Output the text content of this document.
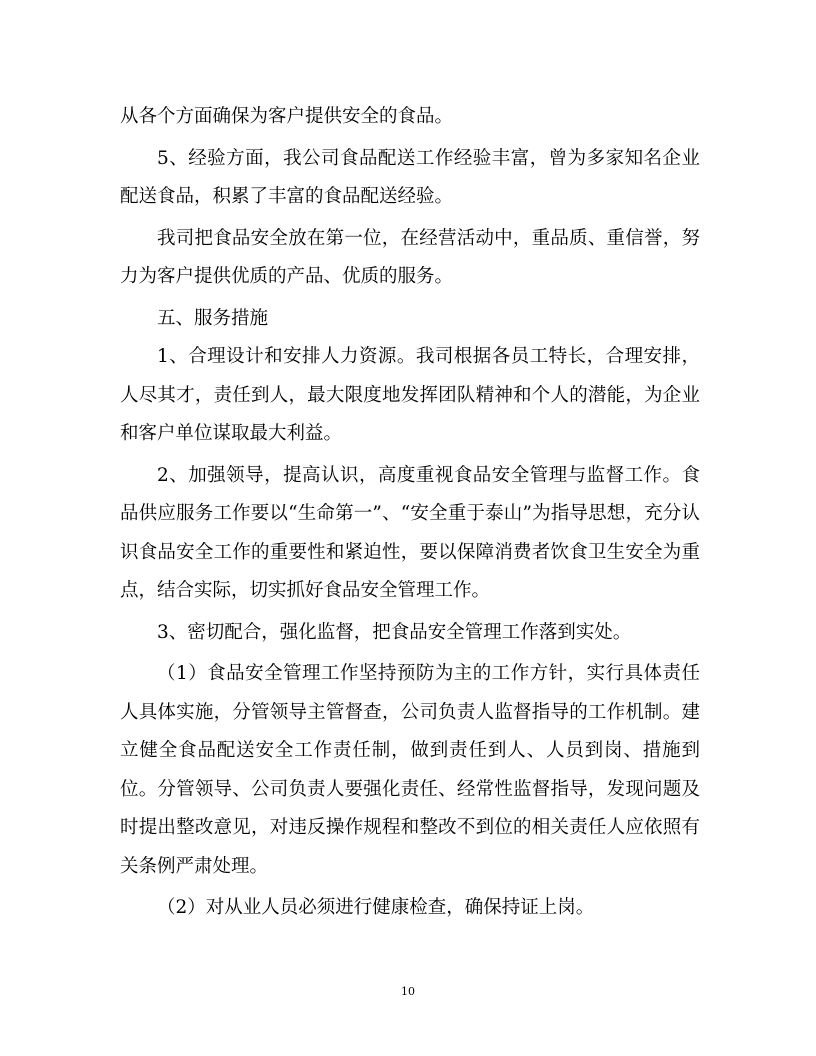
从各个方面确保为客户提供安全的食品。

5、经验方面，我公司食品配送工作经验丰富，曾为多家知名企业配送食品，积累了丰富的食品配送经验。

我司把食品安全放在第一位，在经营活动中，重品质、重信誉，努力为客户提供优质的产品、优质的服务。

五、服务措施

1、合理设计和安排人力资源。我司根据各员工特长，合理安排，人尽其才，责任到人，最大限度地发挥团队精神和个人的潜能，为企业和客户单位谋取最大利益。

2、加强领导，提高认识，高度重视食品安全管理与监督工作。食品供应服务工作要以“生命第一”、“安全重于泰山”为指导思想，充分认识食品安全工作的重要性和紧迫性，要以保障消费者饮食卫生安全为重点，结合实际，切实抓好食品安全管理工作。

3、密切配合，强化监督，把食品安全管理工作落到实处。

（1）食品安全管理工作坚持预防为主的工作方针，实行具体责任人具体实施，分管领导主管督查，公司负责人监督指导的工作机制。建立健全食品配送安全工作责任制，做到责任到人、人员到岗、措施到位。分管领导、公司负责人要强化责任、经常性监督指导，发现问题及时提出整改意见，对违反操作规程和整改不到位的相关责任人应依照有关条例严肃处理。

（2）对从业人员必须进行健康检查，确保持证上岗。

10
